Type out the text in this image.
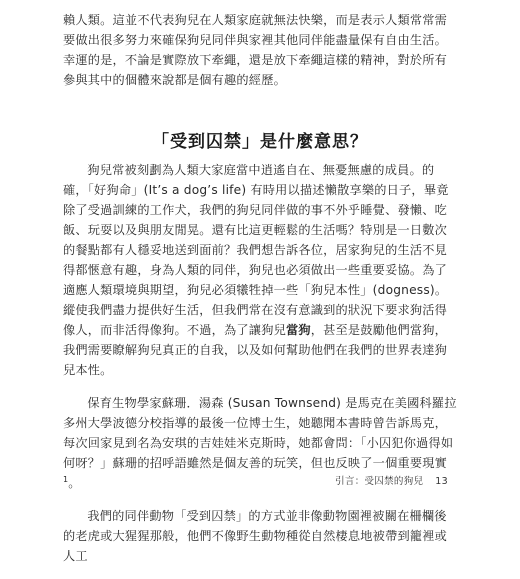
賴人類。這並不代表狗兒在人類家庭就無法快樂，而是表示人類常常需

要做出很多努力來確保狗兒同伴與家裡其他同伴能盡量保有自由生活。

幸運的是，不論是實際放下牽繩，還是放下牽繩這樣的精神，對於所有

參與其中的個體來說都是個有趣的經歷。

「受到囚禁」是什麼意思？

狗兒常被刻劃為人類大家庭當中逍遙自在、無憂無慮的成員。的確，「好狗命」(It’s a dog’s life) 有時用以描述懶散享樂的日子，畢竟除了受過訓練的工作犬，我們的狗兒同伴做的事不外乎睡覺、發懶、吃飯、玩耍以及與朋友閒晃。還有比這更輕鬆的生活嗎？特別是一日數次的餐點都有人穩妥地送到面前？我們想告訴各位，居家狗兒的生活不見得都愜意有趣，身為人類的同伴，狗兒也必須做出一些重要妥協。為了適應人類環境與期望，狗兒必須犧牲掉一些「狗兒本性」(dogness)。縱使我們盡力提供好生活，但我們常在沒有意識到的狀況下要求狗活得像人，而非活得像狗。不過，為了讓狗兒當狗，甚至是鼓勵他們當狗，我們需要瞭解狗兒真正的自我，以及如何幫助他們在我們的世界表達狗兒本性。

保育生物學家蘇珊．湯森 (Susan Townsend) 是馬克在美國科羅拉多州大學波德分校指導的最後一位博士生，她聽聞本書時曾告訴馬克，每次回家見到名為安琪的吉娃娃米克斯時，她都會問：「小囚犯你過得如何呀？」蘇珊的招呼語雖然是個友善的玩笑，但也反映了一個重要現實$^1$。

我們的同伴動物「受到囚禁」的方式並非像動物園裡被關在柵欄後的老虎或大猩猩那般，他們不像野生動物種從自然棲息地被帶到籠裡或人工

引言：受囚禁的狗兒 13
